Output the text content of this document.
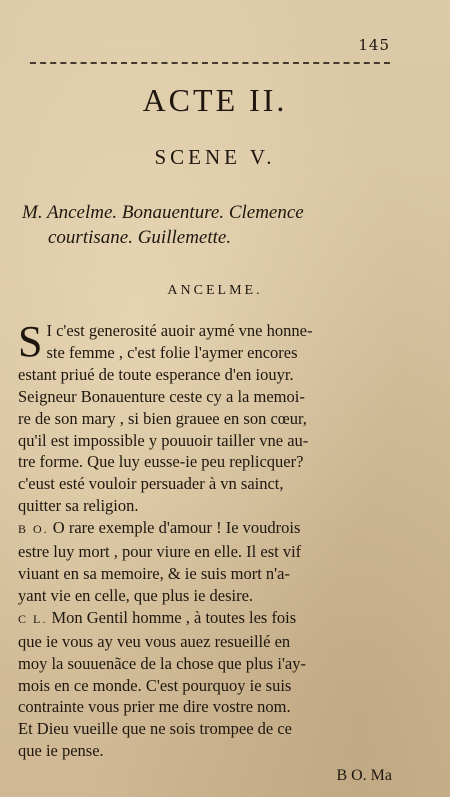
145
ACTE II.
SCENE V.
M. Ancelme. Bonauenture. Clemence
courtisane. Guillemette.
ANCELME.
S I c'est generosité auoir aymé vne honne-
ste femme , c'est folie l'aymer encores
estant priué de toute esperance d'en iouyr.
Seigneur Bonauenture ceste cy a la memoi-
re de son mary , si bien grauee en son cœur,
qu'il est impossible y pouuoir tailler vne au-
tre forme. Que luy eusse-ie peu replicquer?
c'eust esté vouloir persuader à vn sainct,
quitter sa religion.
B O. O rare exemple d'amour ! Ie voudrois
estre luy mort , pour viure en elle. Il est vif
viuant en sa memoire, & ie suis mort n'a-
yant vie en celle, que plus ie desire.
C L. Mon Gentil homme , à toutes les fois
que ie vous ay veu vous auez resueillé en
moy la souuenãce de la chose que plus i'ay-
mois en ce monde. C'est pourquoy ie suis
contrainte vous prier me dire vostre nom.
Et Dieu vueille que ne sois trompee de ce
que ie pense.
B O. Ma
